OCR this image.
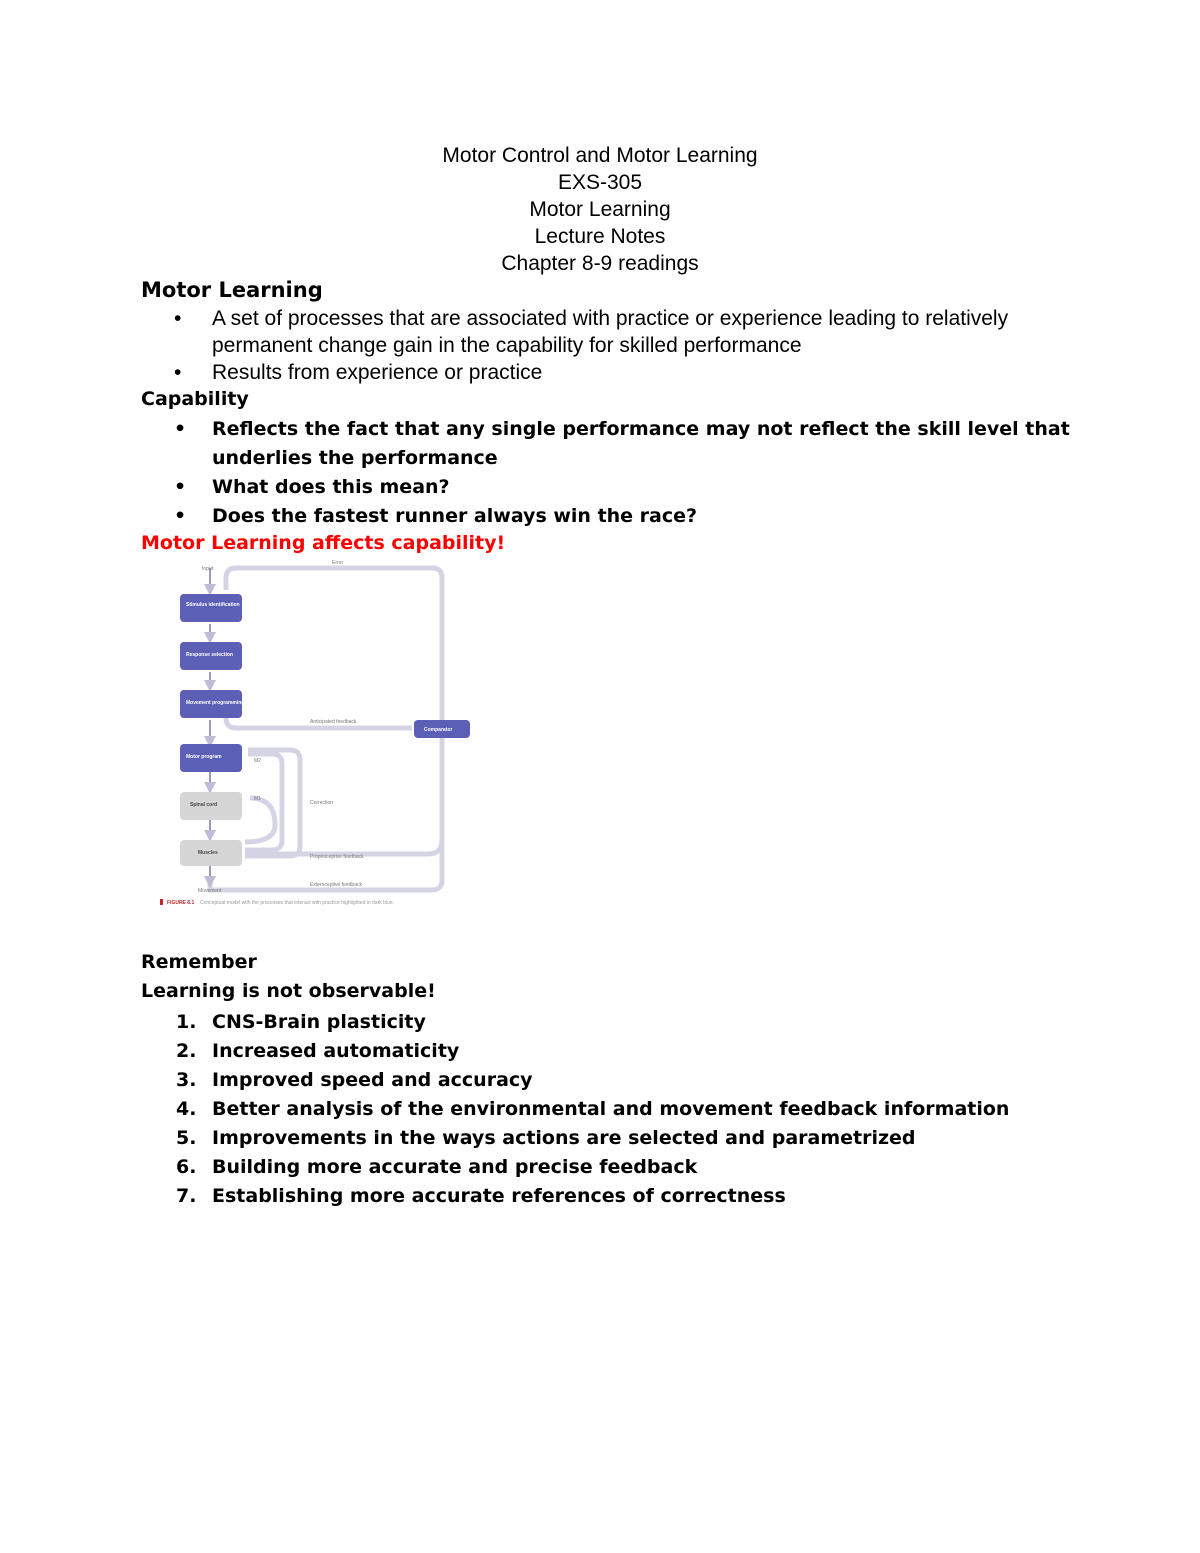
Motor Control and Motor Learning
EXS-305
Motor Learning
Lecture Notes
Chapter 8-9 readings
Motor Learning
• A set of processes that are associated with practice or experience leading to relatively permanent change gain in the capability for skilled performance
• Results from experience or practice
Capability
• Reflects the fact that any single performance may not reflect the skill level that underlies the performance
• What does this mean?
• Does the fastest runner always win the race?
Motor Learning affects capability!
Stimulus identification
Response selection
Movement programming
Motor program
Spinal cord
Muscles
Comparator
Input
Error
Anticipated feedback
M2
M1
Correction
Proprioceptive feedback
Exteroceptive feedback
Movement
FIGURE 8.1 Conceptual model with the processes that interact with practice highlighted in dark blue.
Remember
Learning is not observable!
1. CNS-Brain plasticity
2. Increased automaticity
3. Improved speed and accuracy
4. Better analysis of the environmental and movement feedback information
5. Improvements in the ways actions are selected and parametrized
6. Building more accurate and precise feedback
7. Establishing more accurate references of correctness
